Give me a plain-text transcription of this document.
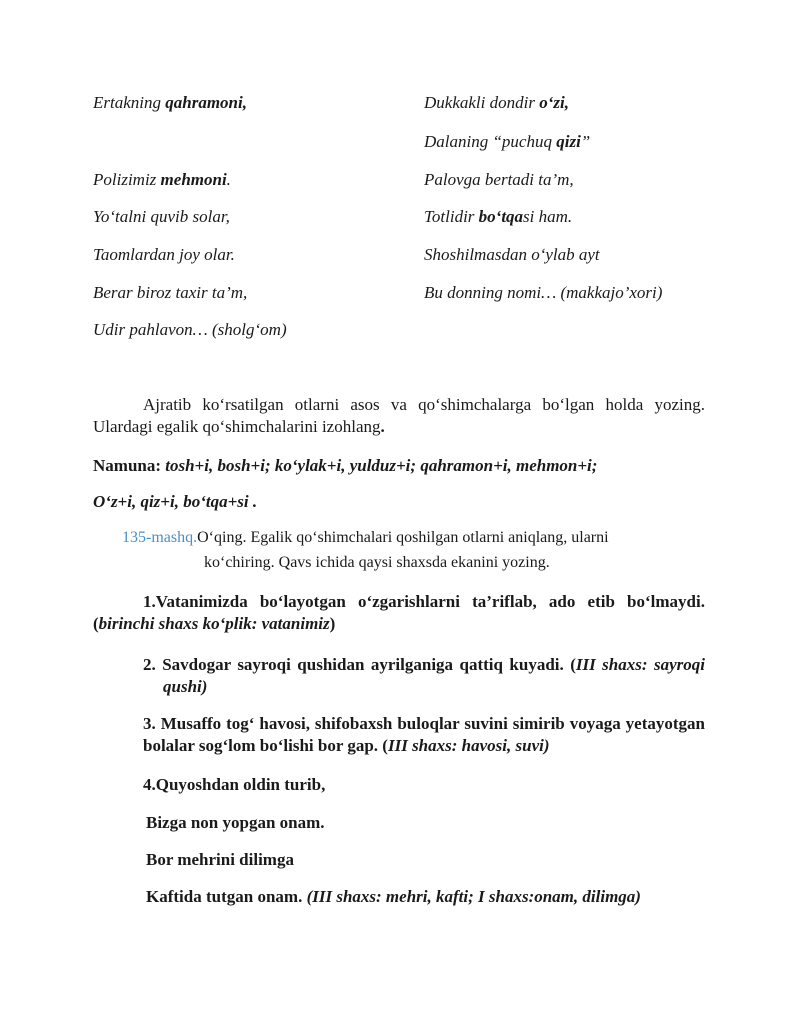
Ertakning qahramoni,
Polizimiz mehmoni.
Yo‘talni quvib solar,
Taomlardan joy olar.
Berar biroz taxir ta’m,
Udir pahlavon… (sholg‘om)
Dukkakli dondir o‘zi,
Dalaning “puchuq qizi”
Palovga bertadi ta’m,
Totlidir bo‘tqasi ham.
Shoshilmasdan o‘ylab ayt
Bu donning nomi… (makkajo’xori)
Ajratib ko‘rsatilgan otlarni asos va qo‘shimchalarga bo‘lgan holda yozing. Ulardagi egalik qo‘shimchalarini izohlang.
Namuna: tosh+i, bosh+i; ko‘ylak+i, yulduz+i; qahramon+i, mehmon+i;
O‘z+i, qiz+i, bo‘tqa+si .
135-mashq.O‘qing. Egalik qo‘shimchalari qoshilgan otlarni aniqlang, ularni
ko‘chiring. Qavs ichida qaysi shaxsda ekanini yozing.
1.Vatanimizda bo‘layotgan o‘zgarishlarni ta’riflab, ado etib bo‘lmaydi. (birinchi shaxs ko‘plik: vatanimiz)
2. Savdogar sayroqi qushidan ayrilganiga qattiq kuyadi. (III shaxs: sayroqi qushi)
3. Musaffo tog‘ havosi, shifobaxsh buloqlar suvini simirib voyaga yetayotgan bolalar sog‘lom bo‘lishi bor gap. (III shaxs: havosi, suvi)
4.Quyoshdan oldin turib,
Bizga non yopgan onam.
Bor mehrini dilimga
Kaftida tutgan onam. (III shaxs: mehri, kafti; I shaxs:onam, dilimga)
